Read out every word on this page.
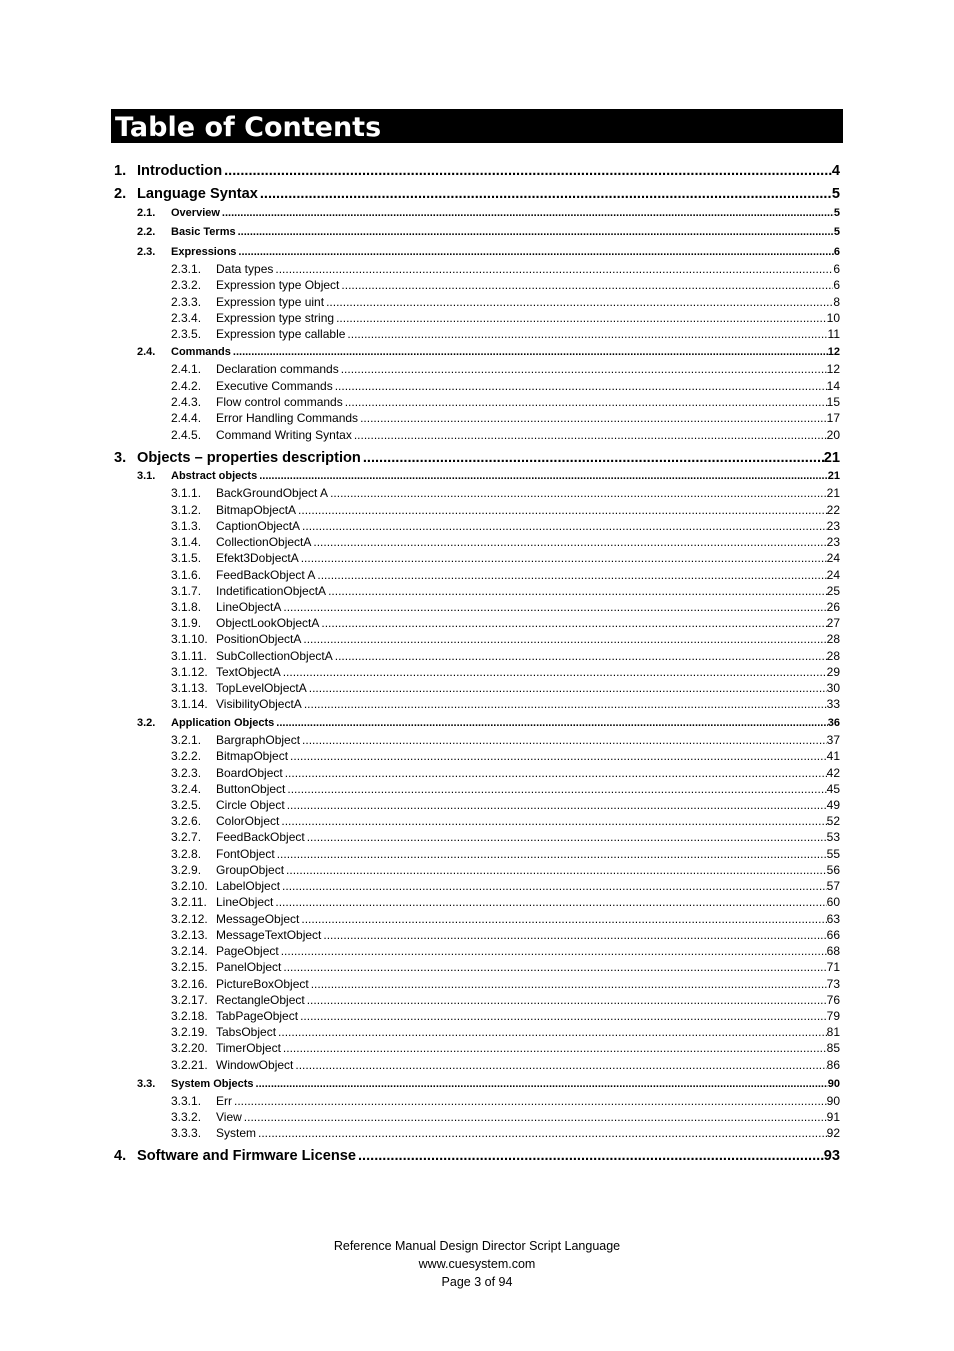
Table of Contents
1. Introduction .....	4
2. Language Syntax .....	5
2.1.	Overview .....	5
2.2.	Basic Terms .....	5
2.3.	Expressions .....	6
2.3.1.	Data types .....	6
2.3.2.	Expression type Object .....	6
2.3.3.	Expression type uint .....	8
2.3.4.	Expression type string .....	10
2.3.5.	Expression type callable .....	11
2.4.	Commands .....	12
2.4.1.	Declaration commands .....	12
2.4.2.	Executive Commands .....	14
2.4.3.	Flow control commands .....	15
2.4.4.	Error Handling Commands .....	17
2.4.5.	Command Writing Syntax .....	20
3. Objects – properties description .....	21
3.1.	Abstract objects .....	21
3.1.1.	BackGroundObject A .....	21
3.1.2.	BitmapObjectA .....	22
3.1.3.	CaptionObjectA .....	23
3.1.4.	CollectionObjectA .....	23
3.1.5.	Efekt3DobjectA .....	24
3.1.6.	FeedBackObject A .....	24
3.1.7.	IndetificationObjectA .....	25
3.1.8.	LineObjectA .....	26
3.1.9.	ObjectLookObjectA .....	27
3.1.10. PositionObjectA .....	28
3.1.11. SubCollectionObjectA .....	28
3.1.12. TextObjectA .....	29
3.1.13. TopLevelObjectA .....	30
3.1.14. VisibilityObjectA .....	33
3.2.	Application Objects .....	36
3.2.1.	BargraphObject .....	37
3.2.2.	BitmapObject .....	41
3.2.3.	BoardObject .....	42
3.2.4.	ButtonObject .....	45
3.2.5.	Circle Object .....	49
3.2.6.	ColorObject .....	52
3.2.7.	FeedBackObject .....	53
3.2.8.	FontObject .....	55
3.2.9.	GroupObject .....	56
3.2.10. LabelObject .....	57
3.2.11. LineObject .....	60
3.2.12. MessageObject .....	63
3.2.13. MessageTextObject .....	66
3.2.14. PageObject .....	68
3.2.15. PanelObject .....	71
3.2.16. PictureBoxObject .....	73
3.2.17. RectangleObject .....	76
3.2.18. TabPageObject .....	79
3.2.19. TabsObject .....	81
3.2.20. TimerObject .....	85
3.2.21. WindowObject .....	86
3.3.	System Objects .....	90
3.3.1.	Err .....	90
3.3.2.	View .....	91
3.3.3.	System .....	92
4. Software and Firmware License .....	93
Reference Manual Design Director Script Language
www.cuesystem.com
Page 3 of 94
